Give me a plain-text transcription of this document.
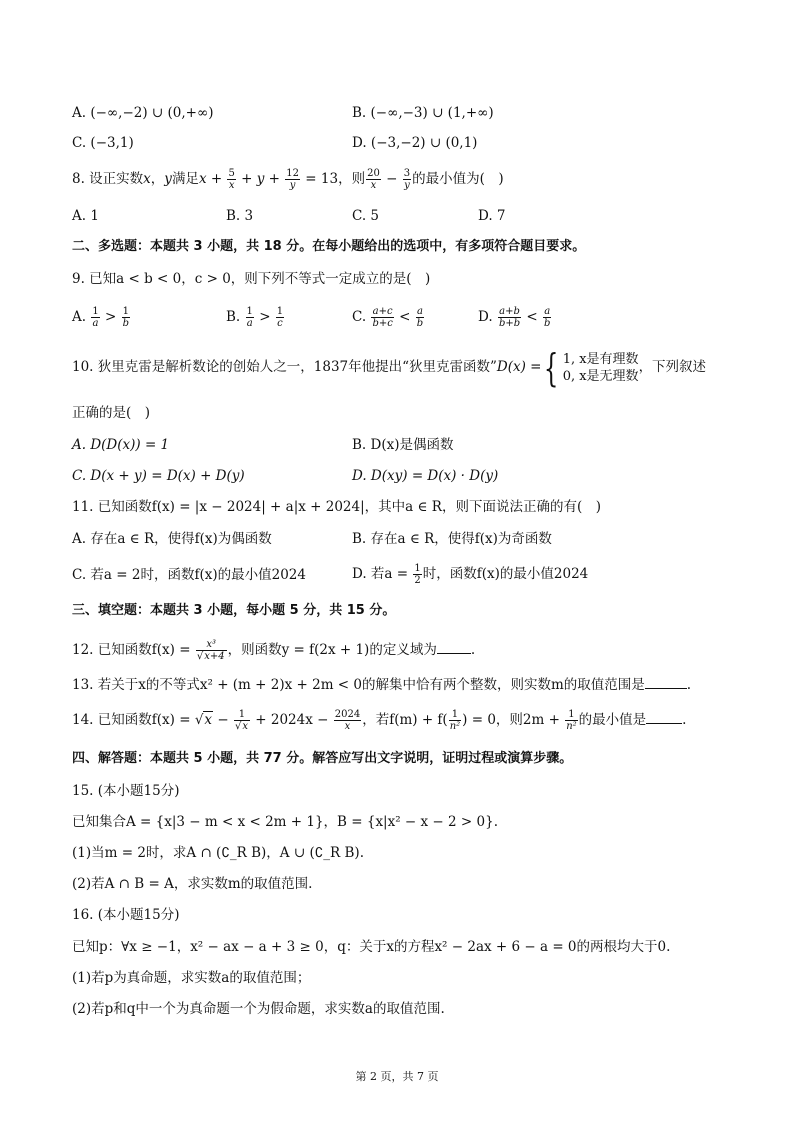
A. (−∞,−2) ∪ (0,+∞)	B. (−∞,−3) ∪ (1,+∞)
C. (−3,1)	D. (−3,−2) ∪ (0,1)
8. 设正实数x，y满足$x + \frac{5}{x} + y + \frac{12}{y} = 13$，则 $\frac{20}{x} - \frac{3}{y}$ 的最小值为(　)
A. 1	B. 3	C. 5	D. 7
二、多选题：本题共 3 小题，共 18 分。在每小题给出的选项中，有多项符合题目要求。
9. 已知a < b < 0，c > 0，则下列不等式一定成立的是(　)
A. $\frac{1}{a} > \frac{1}{b}$	B. $\frac{1}{a} > \frac{1}{c}$	C. $\frac{a+c}{b+c} < \frac{a}{b}$	D. $\frac{a+b}{b+b} < \frac{a}{b}$
10. 狄里克雷是解析数论的创始人之一，1837年他提出“狄里克雷函数”D(x) ={ 1, x是有理数
0, x是无理数
，下列叙述
正确的是(　)
A. D(D(x)) = 1	B. D(x)是偶函数
C. D(x + y) = D(x) + D(y)	D. D(xy) = D(x) · D(y)
11. 已知函数f(x) = |x − 2024| + a|x + 2024|，其中a ∈ R，则下面说法正确的有(　)
A. 存在a ∈ R，使得f(x)为偶函数	B. 存在a ∈ R，使得f(x)为奇函数
C. 若a = 2时，函数f(x)的最小值2024	D. 若$a = \frac{1}{2}$ 时，函数f(x)的最小值2024
三、填空题：本题共 3 小题，每小题 5 分，共 15 分。
12. 已知函数$f(x) = \frac{\text{x³}}{√x+4}$ ，则函数y = f(2x + 1)的定义域为	.
13. 若关于x的不等式x² + (m + 2)x + 2m < 0的解集中恰有两个整数，则实数m的取值范围是	.
14. 已知函数$f(x) = √x - \frac{1}{√x} + 2024x - \frac{2024}{x}$ ，若$f(m) + f( \frac{1}{\text{n²}}$ ) = 0，则$2m + \frac{1}{\text{n²}}$ 的最小值是	.
四、解答题：本题共 5 小题，共 77 分。解答应写出文字说明，证明过程或演算步骤。
15. (本小题15分)
已知集合A = {x|3 − m < x < 2m + 1}，B = {x|x² − x − 2 > 0}.
(1)当m = 2时，求A ∩ (∁_R B)，A ∪ (∁_R B).
(2)若A ∩ B = A，求实数m的取值范围.
16. (本小题15分)
已知p：∀x ≥ −1，x² − ax − a + 3 ≥ 0，q：关于x的方程x² − 2ax + 6 − a = 0的两根均大于0.
(1)若p为真命题，求实数a的取值范围；
(2)若p和q中一个为真命题一个为假命题，求实数a的取值范围.
第 2 页，共 7 页
